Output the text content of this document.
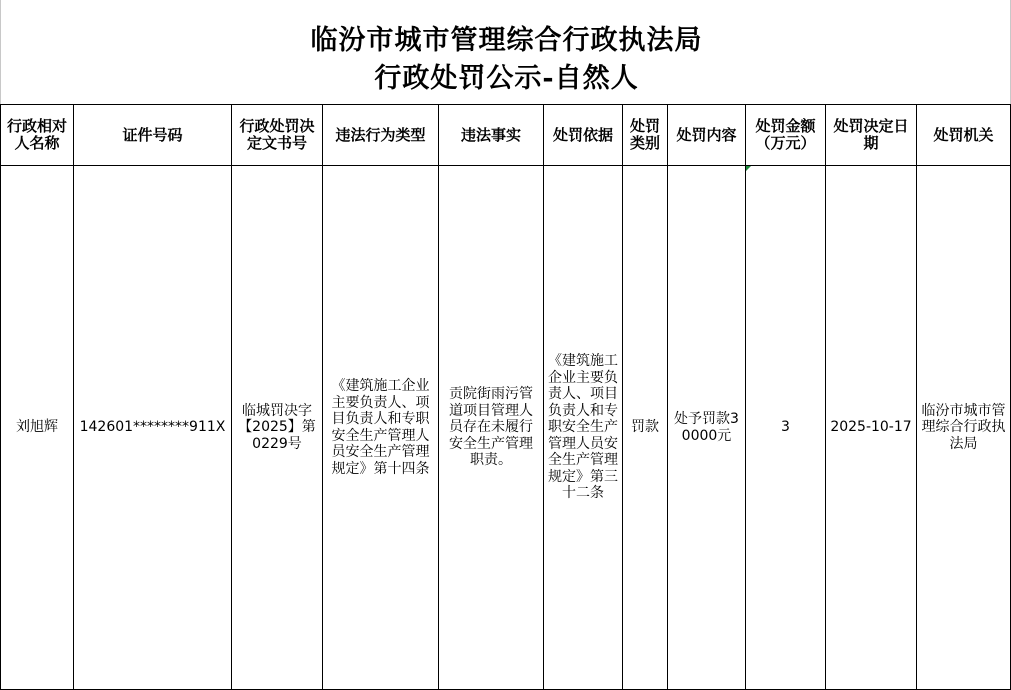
临汾市城市管理综合行政执法局
行政处罚公示-自然人
行政相对人名称	证件号码	行政处罚决定文书号	违法行为类型	违法事实	处罚依据	处罚类别	处罚内容	处罚金额（万元）	处罚决定日期	处罚机关
刘旭辉	142601********911X	临城罚决字【2025】第0229号	《建筑施工企业主要负责人、项目负责人和专职安全生产管理人员安全生产管理规定》第十四条	贡院街雨污管道项目管理人员存在未履行安全生产管理职责。	《建筑施工企业主要负责人、项目负责人和专职安全生产管理人员安全生产管理规定》第三十二条	罚款	处予罚款30000元	3	2025-10-17	临汾市城市管理综合行政执法局
